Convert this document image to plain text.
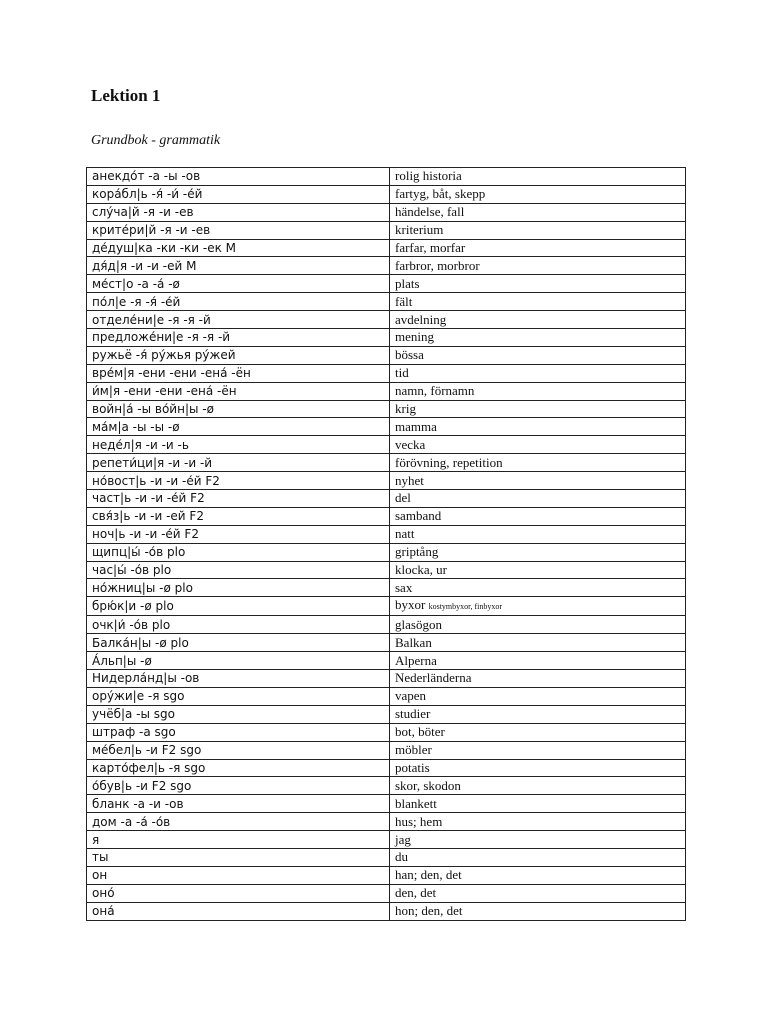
Lektion 1
Grundbok - grammatik
анекдо́т -а -ы -ов	rolig historia
кора́бл|ь -я́ -и́ -е́й	fartyg, båt, skepp
слу́ча|й -я -и -ев	händelse, fall
крите́ри|й -я -и -ев	kriterium
де́душ|ка -ки -ки -ек M	farfar, morfar
дя́д|я -и -и -ей M	farbror, morbror
ме́ст|о -а -а́ -ø	plats
по́л|е -я -я́ -е́й	fält
отделе́ни|е -я -я -й	avdelning
предложе́ни|е -я -я -й	mening
ружьё -я́ ру́жья ру́жей	bössa
вре́м|я -ени -ени -ена́ -ён	tid
и́м|я -ени -ени -ена́ -ён	namn, förnamn
войн|а́ -ы во́йн|ы -ø	krig
ма́м|а -ы -ы -ø	mamma
неде́л|я -и -и -ь	vecka
репети́ци|я -и -и -й	förövning, repetition
но́вост|ь -и -и -е́й F2	nyhet
част|ь -и -и -е́й F2	del
свя́з|ь -и -и -ей F2	samband
ноч|ь -и -и -е́й F2	natt
щипц|ы́ -о́в plo	griptång
час|ы́ -о́в plo	klocka, ur
но́жниц|ы -ø plo	sax
брю́к|и -ø plo	byxor kostymbyxor, finbyxor
очк|и́ -о́в plo	glasögon
Балка́н|ы -ø plo	Balkan
А́льп|ы -ø	Alperna
Нидерла́нд|ы -ов	Nederländerna
ору́жи|е -я sgo	vapen
учёб|а -ы sgo	studier
штраф -а sgo	bot, böter
ме́бел|ь -и F2 sgo	möbler
карто́фел|ь -я sgo	potatis
о́був|ь -и F2 sgo	skor, skodon
бланк -а -и -ов	blankett
дом -а -а́ -о́в	hus; hem
я	jag
ты	du
он	han; den, det
оно́	den, det
она́	hon; den, det
